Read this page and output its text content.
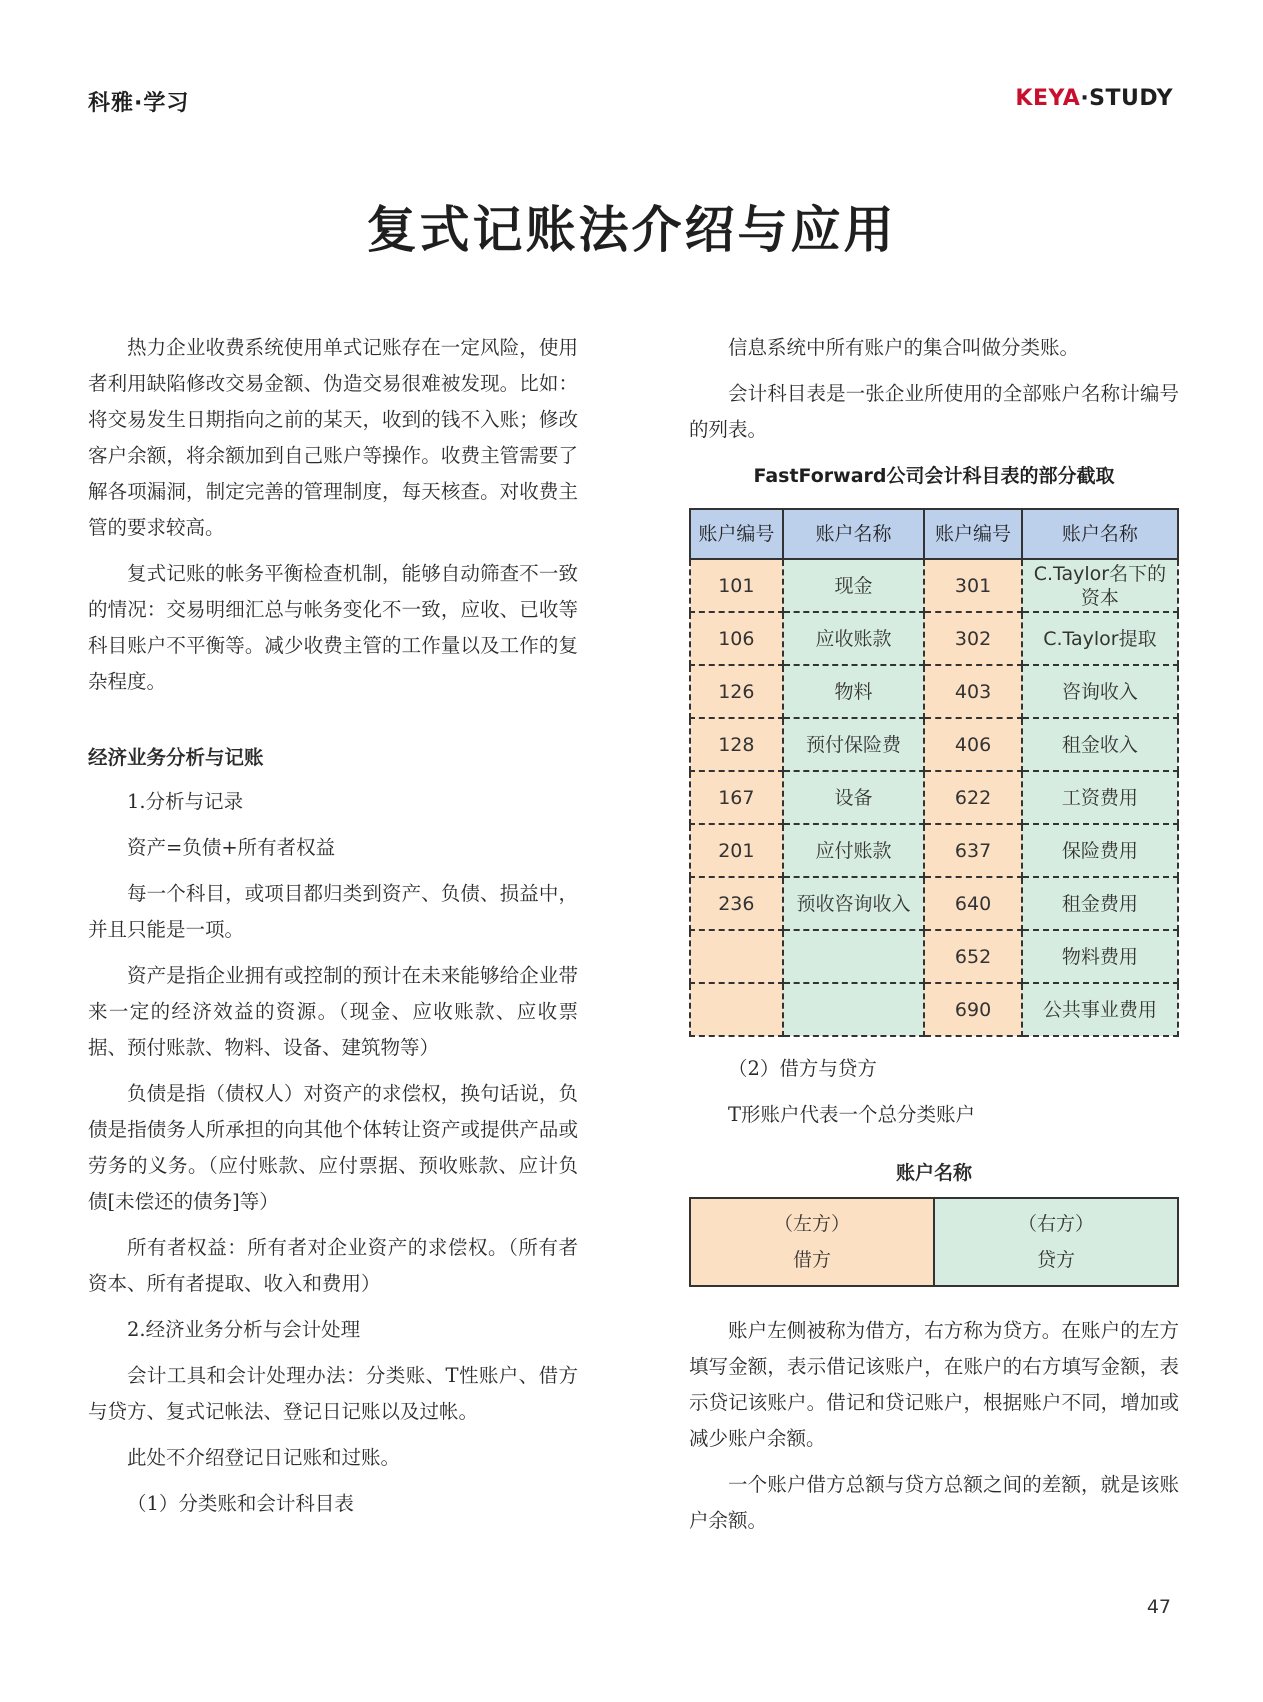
科雅·学习	KEYA·STUDY
复式记账法介绍与应用

热力企业收费系统使用单式记账存在一定风险，使用者利用缺陷修改交易金额、伪造交易很难被发现。比如：将交易发生日期指向之前的某天，收到的钱不入账；修改客户余额，将余额加到自己账户等操作。收费主管需要了解各项漏洞，制定完善的管理制度，每天核查。对收费主管的要求较高。

复式记账的帐务平衡检查机制，能够自动筛查不一致的情况：交易明细汇总与帐务变化不一致，应收、已收等科目账户不平衡等。减少收费主管的工作量以及工作的复杂程度。

经济业务分析与记账

1.分析与记录

资产=负债+所有者权益

每一个科目，或项目都归类到资产、负债、损益中，并且只能是一项。

资产是指企业拥有或控制的预计在未来能够给企业带来一定的经济效益的资源。（现金、应收账款、应收票据、预付账款、物料、设备、建筑物等）

负债是指（债权人）对资产的求偿权，换句话说，负债是指债务人所承担的向其他个体转让资产或提供产品或劳务的义务。（应付账款、应付票据、预收账款、应计负债[未偿还的债务]等）

所有者权益：所有者对企业资产的求偿权。（所有者资本、所有者提取、收入和费用）

2.经济业务分析与会计处理

会计工具和会计处理办法：分类账、T性账户、借方与贷方、复式记帐法、登记日记账以及过帐。

此处不介绍登记日记账和过账。

（1）分类账和会计科目表

信息系统中所有账户的集合叫做分类账。

会计科目表是一张企业所使用的全部账户名称计编号的列表。

FastForward公司会计科目表的部分截取
账户编号	账户名称	账户编号	账户名称
101	现金	301	C.Taylor名下的资本
106	应收账款	302	C.Taylor提取
126	物料	403	咨询收入
128	预付保险费	406	租金收入
167	设备	622	工资费用
201	应付账款	637	保险费用
236	预收咨询收入	640	租金费用
		652	物料费用
		690	公共事业费用

（2）借方与贷方

T形账户代表一个总分类账户

账户名称
（左方）
借方
（右方）
贷方

账户左侧被称为借方，右方称为贷方。在账户的左方填写金额，表示借记该账户，在账户的右方填写金额，表示贷记该账户。借记和贷记账户，根据账户不同，增加或减少账户余额。

一个账户借方总额与贷方总额之间的差额，就是该账户余额。

47
